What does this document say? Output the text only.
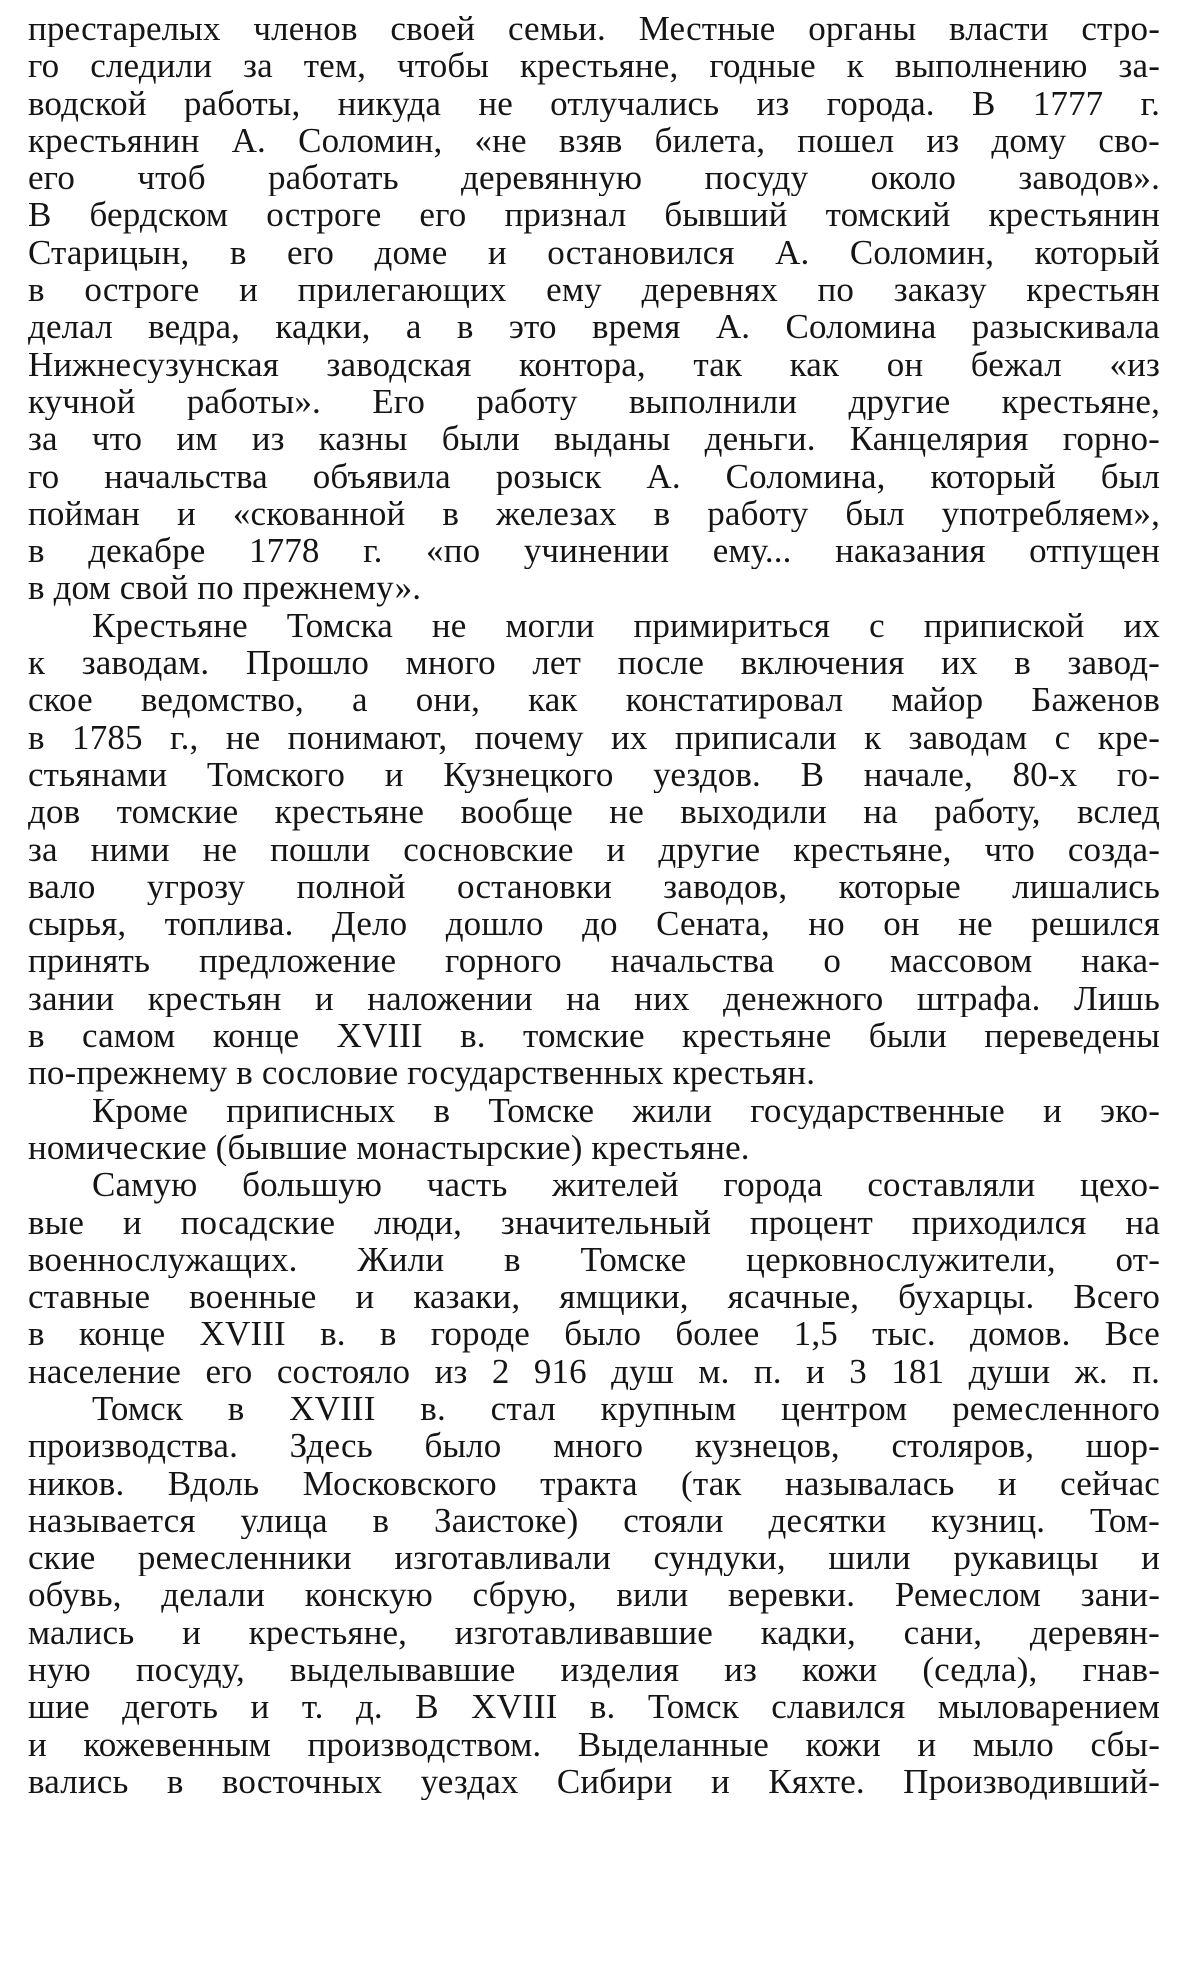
престарелых членов своей семьи. Местные органы власти стро-
го следили за тем, чтобы крестьяне, годные к выполнению за-
водской работы, никуда не отлучались из города. В 1777 г.
крестьянин А. Соломин, «не взяв билета, пошел из дому сво-
его чтоб работать деревянную посуду около заводов».
В бердском остроге его признал бывший томский крестьянин
Старицын, в его доме и остановился А. Соломин, который
в остроге и прилегающих ему деревнях по заказу крестьян
делал ведра, кадки, а в это время А. Соломина разыскивала
Нижнесузунская заводская контора, так как он бежал «из
кучной работы». Его работу выполнили другие крестьяне,
за что им из казны были выданы деньги. Канцелярия горно-
го начальства объявила розыск А. Соломина, который был
пойман и «скованной в железах в работу был употребляем»,
в декабре 1778 г. «по учинении ему... наказания отпущен
в дом свой по прежнему».
Крестьяне Томска не могли примириться с припиской их
к заводам. Прошло много лет после включения их в завод-
ское ведомство, а они, как констатировал майор Баженов
в 1785 г., не понимают, почему их приписали к заводам с кре-
стьянами Томского и Кузнецкого уездов. В начале, 80-х го-
дов томские крестьяне вообще не выходили на работу, вслед
за ними не пошли сосновские и другие крестьяне, что созда-
вало угрозу полной остановки заводов, которые лишались
сырья, топлива. Дело дошло до Сената, но он не решился
принять предложение горного начальства о массовом нака-
зании крестьян и наложении на них денежного штрафа. Лишь
в самом конце XVIII в. томские крестьяне были переведены
по-прежнему в сословие государственных крестьян.
Кроме приписных в Томске жили государственные и эко-
номические (бывшие монастырские) крестьяне.
Самую большую часть жителей города составляли цехо-
вые и посадские люди, значительный процент приходился на
военнослужащих. Жили в Томске церковнослужители, от-
ставные военные и казаки, ямщики, ясачные, бухарцы. Всего
в конце XVIII в. в городе было более 1,5 тыс. домов. Все
население его состояло из 2 916 душ м. п. и 3 181 души ж. п.
Томск в XVIII в. стал крупным центром ремесленного
производства. Здесь было много кузнецов, столяров, шор-
ников. Вдоль Московского тракта (так называлась и сейчас
называется улица в Заистоке) стояли десятки кузниц. Том-
ские ремесленники изготавливали сундуки, шили рукавицы и
обувь, делали конскую сбрую, вили веревки. Ремеслом зани-
мались и крестьяне, изготавливавшие кадки, сани, деревян-
ную посуду, выделывавшие изделия из кожи (седла), гнав-
шие деготь и т. д. В XVIII в. Томск славился мыловарением
и кожевенным производством. Выделанные кожи и мыло сбы-
вались в восточных уездах Сибири и Кяхте. Производивший-
